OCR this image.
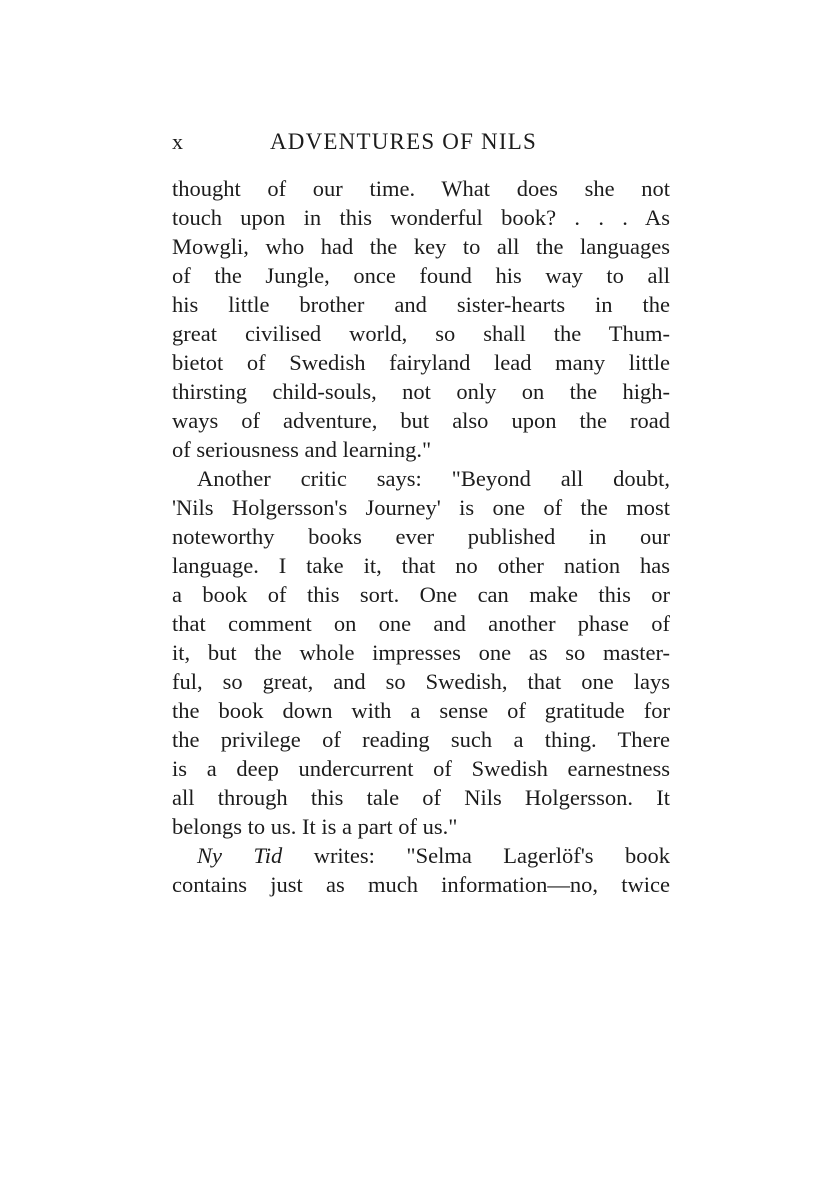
x	ADVENTURES OF NILS
thought of our time. What does she not
touch upon in this wonderful book? . . . As
Mowgli, who had the key to all the languages
of the Jungle, once found his way to all
his little brother and sister-hearts in the
great civilised world, so shall the Thum-
bietot of Swedish fairyland lead many little
thirsting child-souls, not only on the high-
ways of adventure, but also upon the road
of seriousness and learning."
Another critic says: "Beyond all doubt,
'Nils Holgersson's Journey' is one of the most
noteworthy books ever published in our
language. I take it, that no other nation has
a book of this sort. One can make this or
that comment on one and another phase of
it, but the whole impresses one as so master-
ful, so great, and so Swedish, that one lays
the book down with a sense of gratitude for
the privilege of reading such a thing. There
is a deep undercurrent of Swedish earnestness
all through this tale of Nils Holgersson. It
belongs to us. It is a part of us."
Ny Tid writes: "Selma Lagerlöf's book
contains just as much information—no, twice
